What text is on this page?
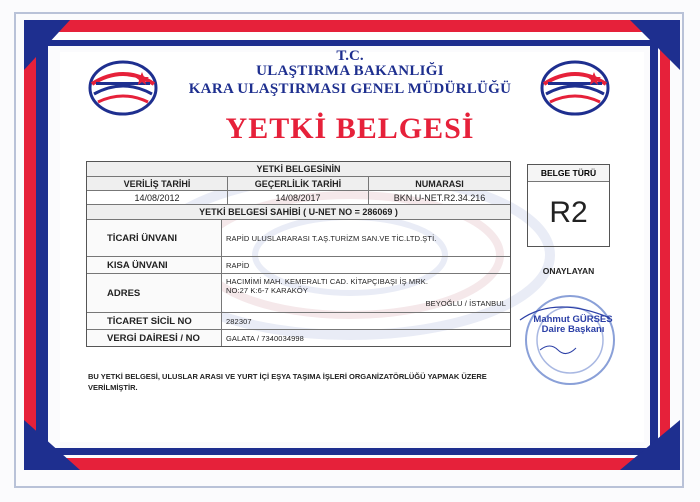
T.C.
ULAŞTIRMA BAKANLIĞI
KARA ULAŞTIRMASI GENEL MÜDÜRLÜĞÜ
YETKİ BELGESİ
YETKİ BELGESİNİN
VERİLİŞ TARİHİ	GEÇERLİLİK TARİHİ	NUMARASI
14/08/2012	14/08/2017	BKN.U-NET.R2.34.216
YETKİ BELGESİ SAHİBİ ( U-NET NO = 286069 )
TİCARİ ÜNVANI	RAPİD ULUSLARARASI T.AŞ.TURİZM SAN.VE TİC.LTD.ŞTİ.
KISA ÜNVANI	RAPİD
ADRES
HACIMİMİ MAH. KEMERALTI CAD. KİTAPÇIBAŞI İŞ MRK.
NO:27 K:6-7 KARAKÖY
BEYOĞLU / İSTANBUL
TİCARET SİCİL NO	282307
VERGİ DAİRESİ / NO	GALATA / 7340034998
BELGE TÜRÜ
R2
ONAYLAYAN
Mahmut GÜRSES
Daire Başkanı
BU YETKİ BELGESİ, ULUSLAR ARASI VE YURT İÇİ EŞYA TAŞIMA İŞLERİ ORGANİZATÖRLÜĞÜ YAPMAK ÜZERE VERİLMİŞTİR.
